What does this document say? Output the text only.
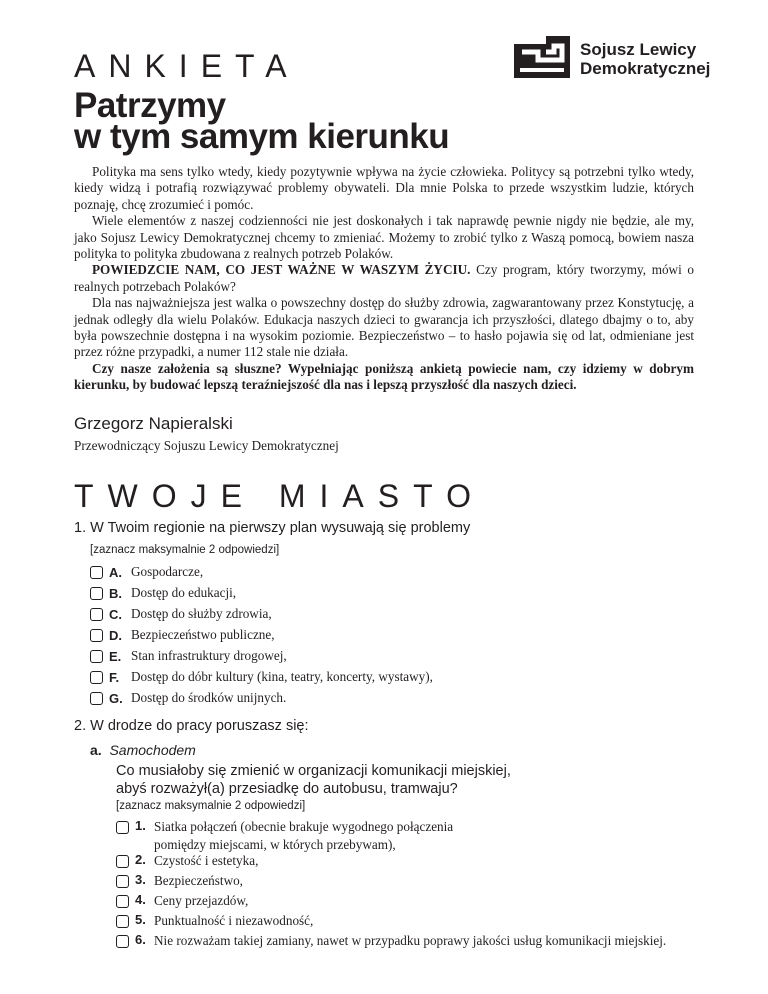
ANKIETA	Sojusz Lewicy
Demokratycznej
Patrzymy
w tym samym kierunku

Polityka ma sens tylko wtedy, kiedy pozytywnie wpływa na życie człowieka. Politycy są potrzebni tylko wtedy, kiedy widzą i potrafią rozwiązywać problemy obywateli. Dla mnie Polska to przede wszystkim ludzie, których poznaję, chcę zrozumieć i pomóc.

Wiele elementów z naszej codzienności nie jest doskonałych i tak naprawdę pewnie nigdy nie będzie, ale my, jako Sojusz Lewicy Demokratycznej chcemy to zmieniać. Możemy to zrobić tylko z Waszą pomocą, bowiem nasza polityka to polityka zbudowana z realnych potrzeb Polaków.

POWIEDZCIE NAM, CO JEST WAŻNE W WASZYM ŻYCIU. Czy program, który tworzymy, mówi o realnych potrzebach Polaków?

Dla nas najważniejsza jest walka o powszechny dostęp do służby zdrowia, zagwarantowany przez Konstytucję, a jednak odległy dla wielu Polaków. Edukacja naszych dzieci to gwarancja ich przyszłości, dlatego dbajmy o to, aby była powszechnie dostępna i na wysokim poziomie. Bezpieczeństwo – to hasło pojawia się od lat, odmieniane jest przez różne przypadki, a numer 112 stale nie działa.

Czy nasze założenia są słuszne? Wypełniając poniższą ankietą powiecie nam, czy idziemy w dobrym kierunku, by budować lepszą teraźniejszość dla nas i lepszą przyszłość dla naszych dzieci.

Grzegorz Napieralski
Przewodniczący Sojuszu Lewicy Demokratycznej
TWOJE MIASTO
1. W Twoim regionie na pierwszy plan wysuwają się problemy
[zaznacz maksymalnie 2 odpowiedzi]
A. Gospodarcze,
B. Dostęp do edukacji,
C. Dostęp do służby zdrowia,
D. Bezpieczeństwo publiczne,
E. Stan infrastruktury drogowej,
F. Dostęp do dóbr kultury (kina, teatry, koncerty, wystawy),
G. Dostęp do środków unijnych.
2. W drodze do pracy poruszasz się:
a. Samochodem
Co musiałoby się zmienić w organizacji komunikacji miejskiej,
abyś rozważył(a) przesiadkę do autobusu, tramwaju?
[zaznacz maksymalnie 2 odpowiedzi]
1. Siatka połączeń (obecnie brakuje wygodnego połączenia
pomiędzy miejscami, w których przebywam),
2. Czystość i estetyka,
3. Bezpieczeństwo,
4. Ceny przejazdów,
5. Punktualność i niezawodność,
6. Nie rozważam takiej zamiany, nawet w przypadku poprawy jakości usług komunikacji miejskiej.
